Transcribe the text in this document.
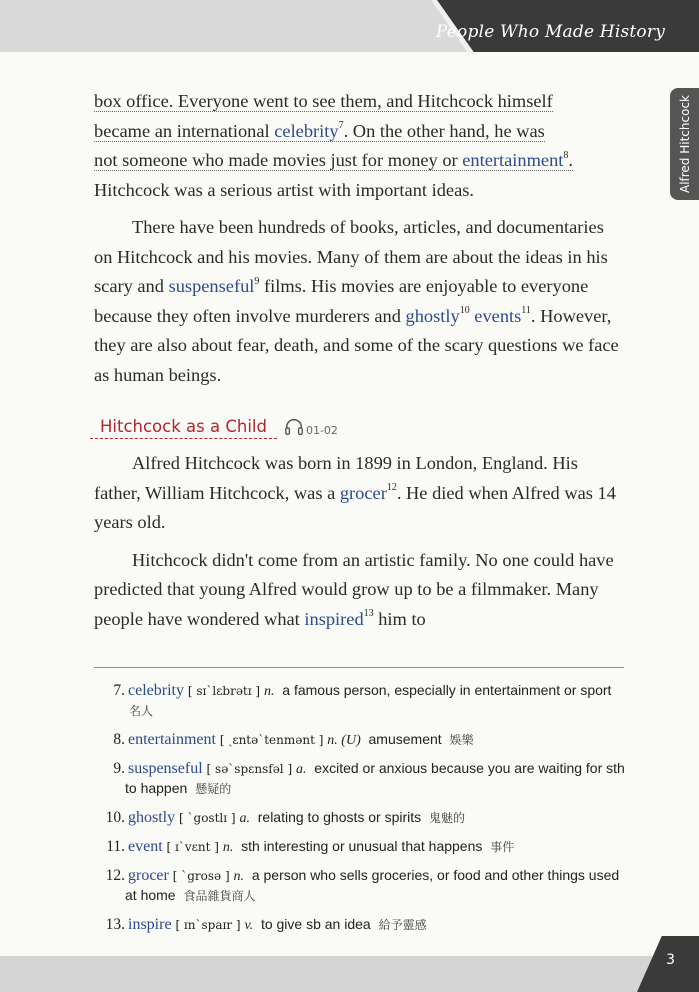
People Who Made History
Alfred Hitchcock

box office. Everyone went to see them, and Hitchcock himself
became an international celebrity$^7$. On the other hand, he was
not someone who made movies just for money or entertainment$^8$.
Hitchcock was a serious artist with important ideas.

There have been hundreds of books, articles, and documentaries on Hitchcock and his movies. Many of them are about the ideas in his scary and suspenseful$^9$ films. His movies are enjoyable to everyone because they often involve murderers and ghostly$^{10}$ events$^{11}$. However, they are also about fear, death, and some of the scary questions we face as human beings.

Hitchcock as a Child	01-02

Alfred Hitchcock was born in 1899 in London, England. His father, William Hitchcock, was a grocer$^{12}$. He died when Alfred was 14 years old.

Hitchcock didn't come from an artistic family. No one could have predicted that young Alfred would grow up to be a filmmaker. Many people have wondered what inspired$^{13}$ him to

7. celebrity [ sɪˋlɛbrətɪ ] n. a famous person, especially in entertainment or sport
名人
8. entertainment [ ˏɛntəˋtenmənt ] n. (U) amusement 娛樂
9. suspenseful [ səˋspɛnsfəl ] a. excited or anxious because you are waiting for sth to happen 懸疑的
10. ghostly [ ˋgostlɪ ] a. relating to ghosts or spirits 鬼魅的
11. event [ ɪˋvɛnt ] n. sth interesting or unusual that happens 事件
12. grocer [ ˋgrosə ] n. a person who sells groceries, or food and other things used at home 食品雜貨商人
13. inspire [ ɪnˋspaɪr ] v. to give sb an idea 給予靈感
3
